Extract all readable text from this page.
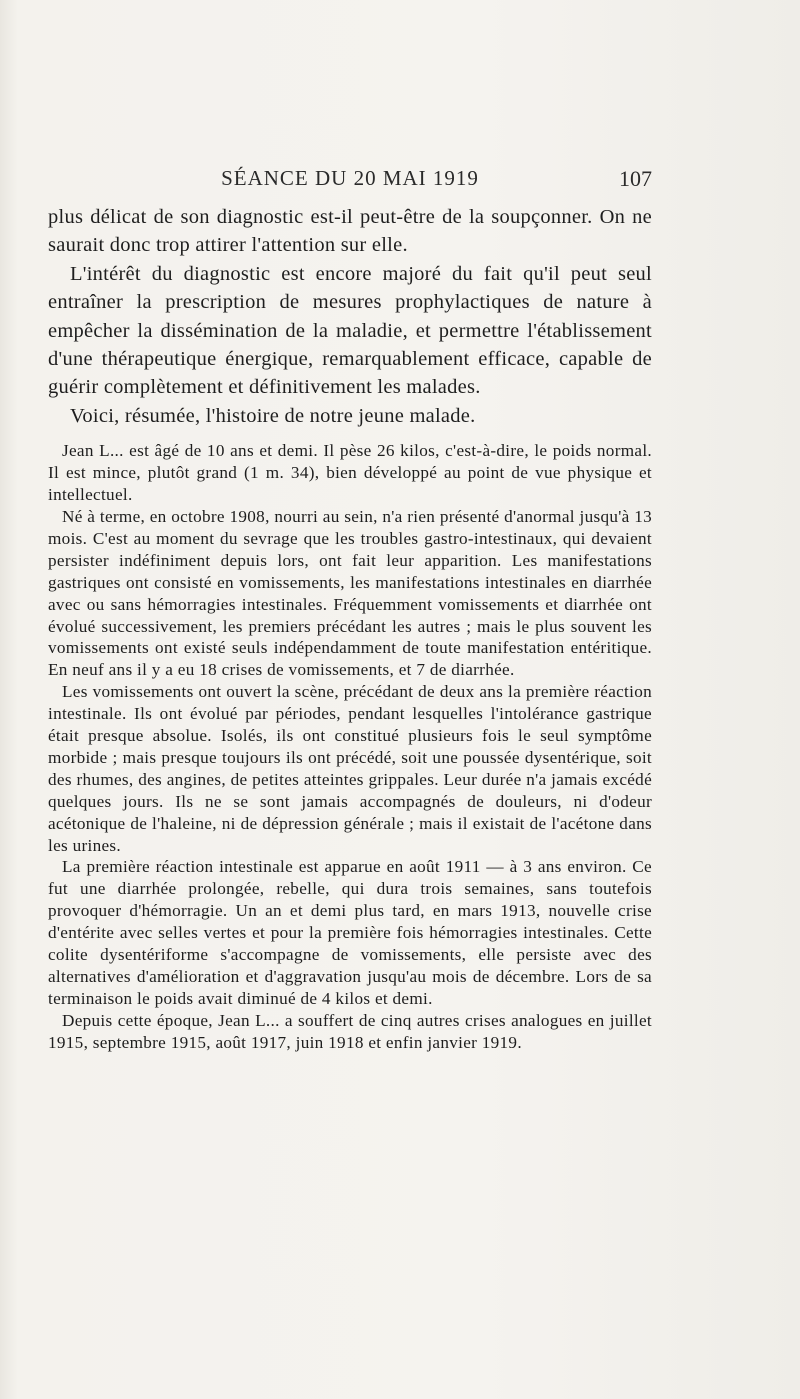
SÉANCE DU 20 MAI 1919	107

plus délicat de son diagnostic est-il peut-être de la soupçonner. On ne saurait donc trop attirer l'attention sur elle.

L'intérêt du diagnostic est encore majoré du fait qu'il peut seul entraîner la prescription de mesures prophylactiques de nature à empêcher la dissémination de la maladie, et permettre l'établissement d'une thérapeutique énergique, remarquablement efficace, capable de guérir complètement et définitivement les malades.

Voici, résumée, l'histoire de notre jeune malade.

Jean L... est âgé de 10 ans et demi. Il pèse 26 kilos, c'est-à-dire, le poids normal. Il est mince, plutôt grand (1 m. 34), bien développé au point de vue physique et intellectuel.

Né à terme, en octobre 1908, nourri au sein, n'a rien présenté d'anormal jusqu'à 13 mois. C'est au moment du sevrage que les troubles gastro-intestinaux, qui devaient persister indéfiniment depuis lors, ont fait leur apparition. Les manifestations gastriques ont consisté en vomissements, les manifestations intestinales en diarrhée avec ou sans hémorragies intestinales. Fréquemment vomissements et diarrhée ont évolué successivement, les premiers précédant les autres ; mais le plus souvent les vomissements ont existé seuls indépendamment de toute manifestation entéritique. En neuf ans il y a eu 18 crises de vomissements, et 7 de diarrhée.

Les vomissements ont ouvert la scène, précédant de deux ans la première réaction intestinale. Ils ont évolué par périodes, pendant lesquelles l'intolérance gastrique était presque absolue. Isolés, ils ont constitué plusieurs fois le seul symptôme morbide ; mais presque toujours ils ont précédé, soit une poussée dysentérique, soit des rhumes, des angines, de petites atteintes grippales. Leur durée n'a jamais excédé quelques jours. Ils ne se sont jamais accompagnés de douleurs, ni d'odeur acétonique de l'haleine, ni de dépression générale ; mais il existait de l'acétone dans les urines.

La première réaction intestinale est apparue en août 1911 — à 3 ans environ. Ce fut une diarrhée prolongée, rebelle, qui dura trois semaines, sans toutefois provoquer d'hémorragie. Un an et demi plus tard, en mars 1913, nouvelle crise d'entérite avec selles vertes et pour la première fois hémorragies intestinales. Cette colite dysentériforme s'accompagne de vomissements, elle persiste avec des alternatives d'amélioration et d'aggravation jusqu'au mois de décembre. Lors de sa terminaison le poids avait diminué de 4 kilos et demi.

Depuis cette époque, Jean L... a souffert de cinq autres crises analogues en juillet 1915, septembre 1915, août 1917, juin 1918 et enfin janvier 1919.
